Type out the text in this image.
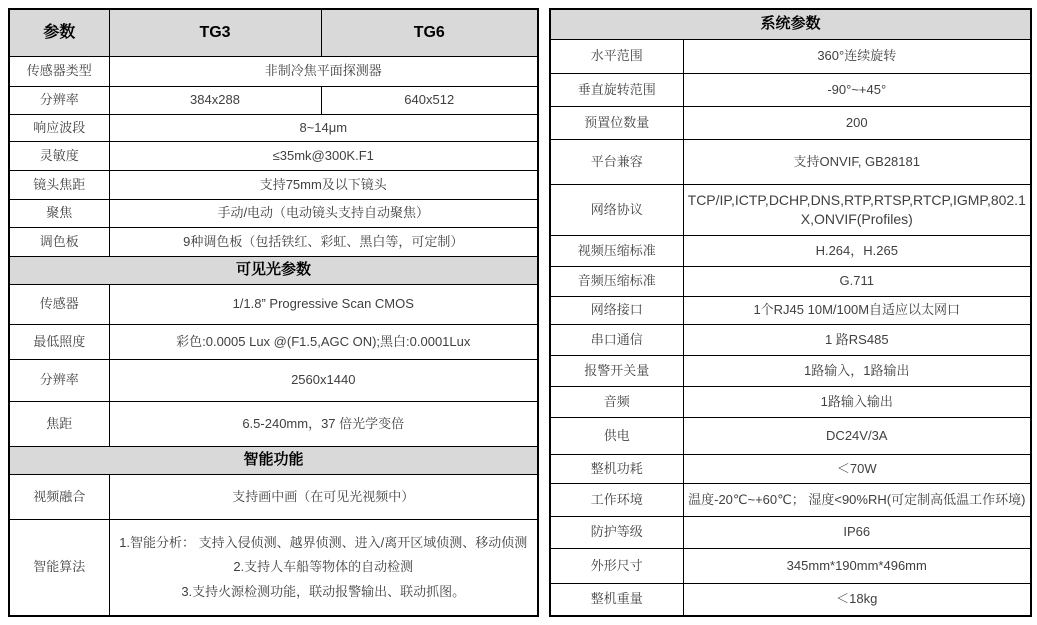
参数	TG3	TG6
传感器类型	非制冷焦平面探测器	
分辨率	384x288	640x512
响应波段	8~14μm	
灵敏度	≤35mk@300K.F1	
镜头焦距	支持75mm及以下镜头	
聚焦	手动/电动（电动镜头支持自动聚焦）	
调色板	9种调色板（包括铁红、彩虹、黑白等，可定制）	
可见光参数		
传感器	1/1.8” Progressive Scan CMOS	
最低照度	彩色:0.0005 Lux @(F1.5,AGC ON);黑白:0.0001Lux	
分辨率	2560x1440	
焦距	6.5-240mm，37 倍光学变倍	
智能功能		
视频融合	支持画中画（在可见光视频中）	
智能算法	1.智能分析： 支持入侵侦测、越界侦测、进入/离开区域侦测、移动侦测
2.支持人车船等物体的自动检测
3.支持火源检测功能，联动报警输出、联动抓图。	
系统参数	
水平范围	360°连续旋转
垂直旋转范围	-90°~+45°
预置位数量	200
平台兼容	支持ONVIF, GB28181
网络协议	TCP/IP,ICTP,DCHP,DNS,RTP,RTSP,RTCP,IGMP,802.1X,ONVIF(Profiles)
视频压缩标准	H.264，H.265
音频压缩标准	G.711
网络接口	1个RJ45 10M/100M自适应以太网口
串口通信	1 路RS485
报警开关量	1路输入，1路输出
音频	1路输入输出
供电	DC24V/3A
整机功耗	＜70W
工作环境	温度-20℃~+60℃； 湿度<90%RH(可定制高低温工作环境)
防护等级	IP66
外形尺寸	345mm*190mm*496mm
整机重量	＜18kg
